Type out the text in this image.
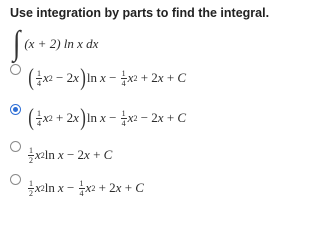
Use integration by parts to find the integral.
∫ (x + 2) ln x dx
( $\frac{1}{4}$ x 2 − 2 x ) $\ln x - \frac{1}{4}$ x 2 + 2 x + C
( $\frac{1}{4}$ x 2 + 2 x ) $\ln x - \frac{1}{4}$ x 2 − 2 x + C
$\frac{1}{2}$ x 2 ln x − 2 x + C
$\frac{1}{2}$ x 2 $\ln x - \frac{1}{4}$ x 2 + 2 x + C
